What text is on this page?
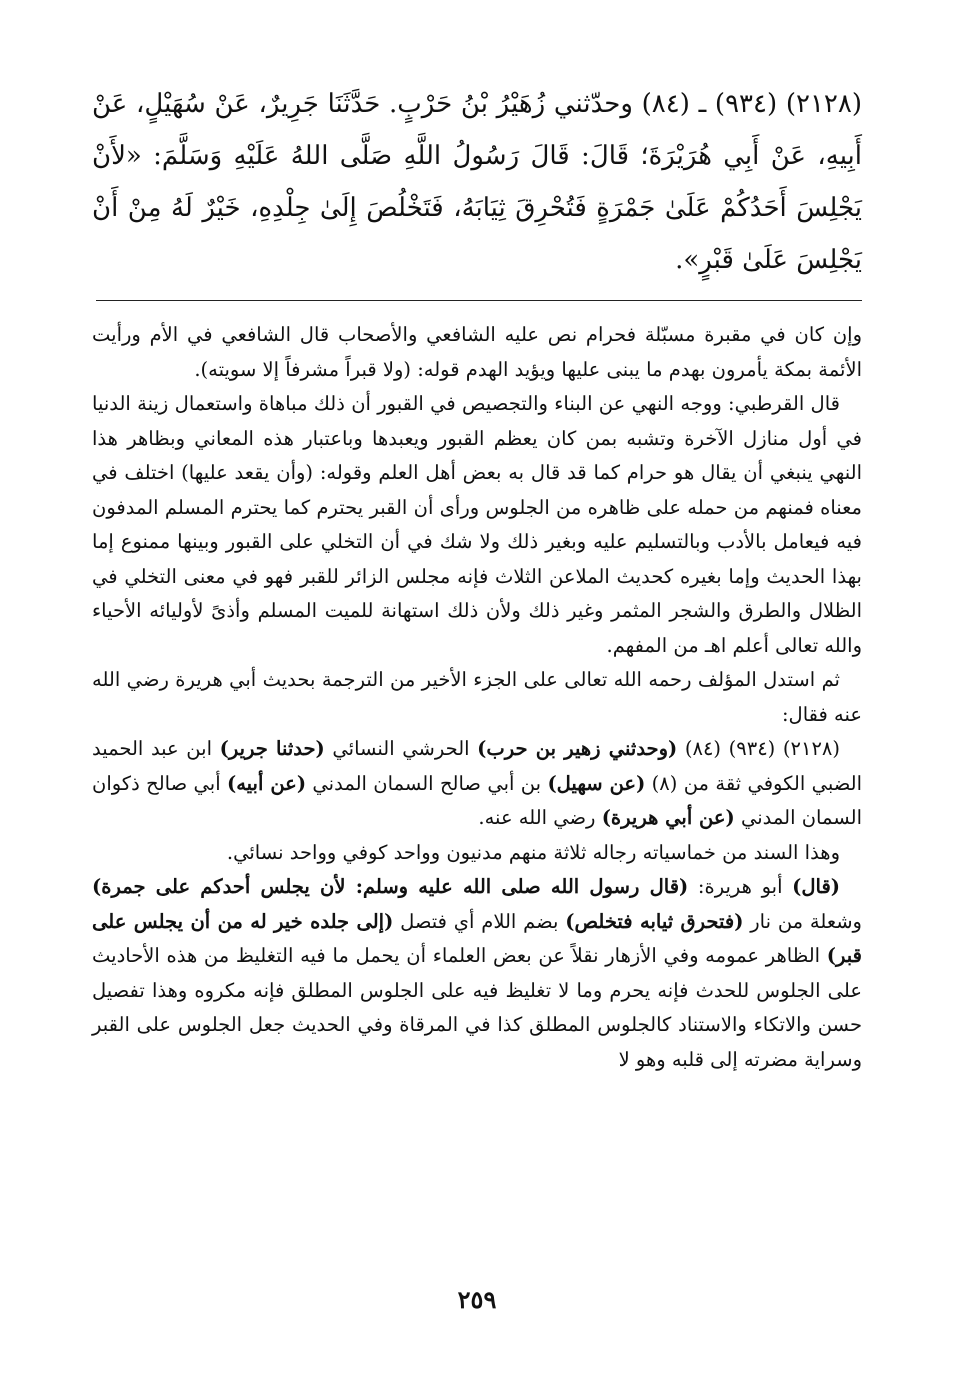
(٢١٢٨) (٩٣٤) ـ (٨٤) وحدّثني زُهَيْرُ بْنُ حَرْبٍ. حَدَّثَنَا جَرِيرٌ، عَنْ سُهَيْلٍ، عَنْ أَبِيهِ، عَنْ أَبِي هُرَيْرَةَ؛ قَالَ: قَالَ رَسُولُ اللَّهِ صَلَّى اللهُ عَلَيْهِ وَسَلَّمَ: «لأَنْ يَجْلِسَ أَحَدُكُمْ عَلَىٰ جَمْرَةٍ فَتُحْرِقَ ثِيَابَهُ، فَتَخْلُصَ إِلَىٰ جِلْدِهِ، خَيْرٌ لَهُ مِنْ أَنْ يَجْلِسَ عَلَىٰ قَبْرٍ».

وإن كان في مقبرة مسبّلة فحرام نص عليه الشافعي والأصحاب قال الشافعي في الأم ورأيت الأئمة بمكة يأمرون بهدم ما يبنى عليها ويؤيد الهدم قوله: (ولا قبراً مشرفاً إلا سويته).

قال القرطبي: ووجه النهي عن البناء والتجصيص في القبور أن ذلك مباهاة واستعمال زينة الدنيا في أول منازل الآخرة وتشبه بمن كان يعظم القبور ويعبدها وباعتبار هذه المعاني وبظاهر هذا النهي ينبغي أن يقال هو حرام كما قد قال به بعض أهل العلم وقوله: (وأن يقعد عليها) اختلف في معناه فمنهم من حمله على ظاهره من الجلوس ورأى أن القبر يحترم كما يحترم المسلم المدفون فيه فيعامل بالأدب وبالتسليم عليه وبغير ذلك ولا شك في أن التخلي على القبور وبينها ممنوع إما بهذا الحديث وإما بغيره كحديث الملاعن الثلاث فإنه مجلس الزائر للقبر فهو في معنى التخلي في الظلال والطرق والشجر المثمر وغير ذلك ولأن ذلك استهانة للميت المسلم وأذىً لأوليائه الأحياء والله تعالى أعلم اهـ من المفهم.

ثم استدل المؤلف رحمه الله تعالى على الجزء الأخير من الترجمة بحديث أبي هريرة رضي الله عنه فقال:

(٢١٢٨) (٩٣٤) (٨٤) (وحدثني زهير بن حرب) الحرشي النسائي (حدثنا جرير) ابن عبد الحميد الضبي الكوفي ثقة من (٨) (عن سهيل) بن أبي صالح السمان المدني (عن أبيه) أبي صالح ذكوان السمان المدني (عن أبي هريرة) رضي الله عنه.

وهذا السند من خماسياته رجاله ثلاثة منهم مدنيون وواحد كوفي وواحد نسائي.

(قال) أبو هريرة: (قال رسول الله صلى الله عليه وسلم: لأن يجلس أحدكم على جمرة) وشعلة من نار (فتحرق ثيابه فتخلص) بضم اللام أي فتصل (إلى جلده خير له من أن يجلس على قبر) الظاهر عمومه وفي الأزهار نقلاً عن بعض العلماء أن يحمل ما فيه التغليظ من هذه الأحاديث على الجلوس للحدث فإنه يحرم وما لا تغليظ فيه على الجلوس المطلق فإنه مكروه وهذا تفصيل حسن والاتكاء والاستناد كالجلوس المطلق كذا في المرقاة وفي الحديث جعل الجلوس على القبر وسراية مضرته إلى قلبه وهو لا

٢٥٩
